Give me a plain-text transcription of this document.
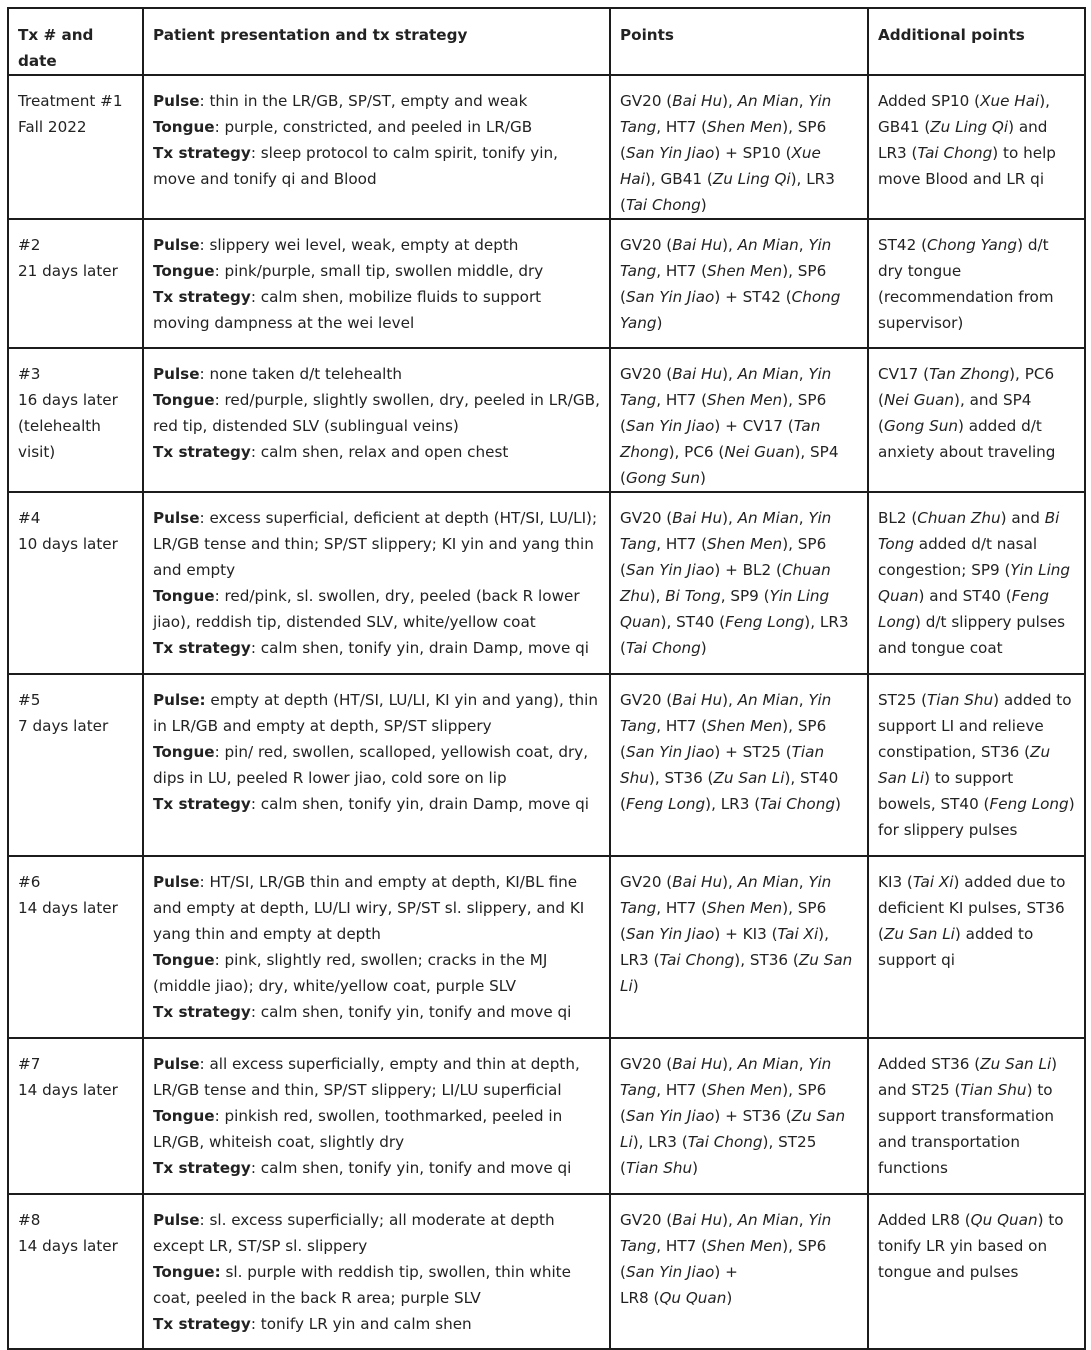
Tx # and date	Patient presentation and tx strategy	Points	Additional points

Treatment #1
Fall 2022	Pulse: thin in the LR/GB, SP/ST, empty and weak
Tongue: purple, constricted, and peeled in LR/GB
Tx strategy: sleep protocol to calm spirit, tonify yin, move and tonify qi and Blood	GV20 (Bai Hu), An Mian, Yin Tang, HT7 (Shen Men), SP6 (San Yin Jiao) + SP10 (Xue Hai), GB41 (Zu Ling Qi), LR3 (Tai Chong)	Added SP10 (Xue Hai), GB41 (Zu Ling Qi) and LR3 (Tai Chong) to help move Blood and LR qi

#2
21 days later	Pulse: slippery wei level, weak, empty at depth
Tongue: pink/purple, small tip, swollen middle, dry
Tx strategy: calm shen, mobilize fluids to support moving dampness at the wei level	GV20 (Bai Hu), An Mian, Yin Tang, HT7 (Shen Men), SP6 (San Yin Jiao) + ST42 (Chong Yang)	ST42 (Chong Yang) d/t dry tongue (recommendation from supervisor)

#3
16 days later
(telehealth visit)	Pulse: none taken d/t telehealth
Tongue: red/purple, slightly swollen, dry, peeled in LR/GB, red tip, distended SLV (sublingual veins)
Tx strategy: calm shen, relax and open chest	GV20 (Bai Hu), An Mian, Yin Tang, HT7 (Shen Men), SP6 (San Yin Jiao) + CV17 (Tan Zhong), PC6 (Nei Guan), SP4 (Gong Sun)	CV17 (Tan Zhong), PC6 (Nei Guan), and SP4 (Gong Sun) added d/t anxiety about traveling

#4
10 days later	Pulse: excess superficial, deficient at depth (HT/SI, LU/LI); LR/GB tense and thin; SP/ST slippery; KI yin and yang thin and empty
Tongue: red/pink, sl. swollen, dry, peeled (back R lower jiao), reddish tip, distended SLV, white/yellow coat
Tx strategy: calm shen, tonify yin, drain Damp, move qi	GV20 (Bai Hu), An Mian, Yin Tang, HT7 (Shen Men), SP6 (San Yin Jiao) + BL2 (Chuan Zhu), Bi Tong, SP9 (Yin Ling Quan), ST40 (Feng Long), LR3 (Tai Chong)	BL2 (Chuan Zhu) and Bi Tong added d/t nasal congestion; SP9 (Yin Ling Quan) and ST40 (Feng Long) d/t slippery pulses and tongue coat

#5
7 days later	Pulse: empty at depth (HT/SI, LU/LI, KI yin and yang), thin in LR/GB and empty at depth, SP/ST slippery
Tongue: pin/ red, swollen, scalloped, yellowish coat, dry, dips in LU, peeled R lower jiao, cold sore on lip
Tx strategy: calm shen, tonify yin, drain Damp, move qi	GV20 (Bai Hu), An Mian, Yin Tang, HT7 (Shen Men), SP6 (San Yin Jiao) + ST25 (Tian Shu), ST36 (Zu San Li), ST40 (Feng Long), LR3 (Tai Chong)	ST25 (Tian Shu) added to support LI and relieve constipation, ST36 (Zu San Li) to support bowels, ST40 (Feng Long) for slippery pulses

#6
14 days later	Pulse: HT/SI, LR/GB thin and empty at depth, KI/BL fine and empty at depth, LU/LI wiry, SP/ST sl. slippery, and KI yang thin and empty at depth
Tongue: pink, slightly red, swollen; cracks in the MJ (middle jiao); dry, white/yellow coat, purple SLV
Tx strategy: calm shen, tonify yin, tonify and move qi	GV20 (Bai Hu), An Mian, Yin Tang, HT7 (Shen Men), SP6 (San Yin Jiao) + KI3 (Tai Xi), LR3 (Tai Chong), ST36 (Zu San Li)	KI3 (Tai Xi) added due to deficient KI pulses, ST36 (Zu San Li) added to support qi

#7
14 days later	Pulse: all excess superficially, empty and thin at depth, LR/GB tense and thin, SP/ST slippery; LI/LU superficial
Tongue: pinkish red, swollen, toothmarked, peeled in LR/GB, whiteish coat, slightly dry
Tx strategy: calm shen, tonify yin, tonify and move qi	GV20 (Bai Hu), An Mian, Yin Tang, HT7 (Shen Men), SP6 (San Yin Jiao) + ST36 (Zu San Li), LR3 (Tai Chong), ST25 (Tian Shu)	Added ST36 (Zu San Li) and ST25 (Tian Shu) to support transformation and transportation functions

#8
14 days later	Pulse: sl. excess superficially; all moderate at depth except LR, ST/SP sl. slippery
Tongue: sl. purple with reddish tip, swollen, thin white coat, peeled in the back R area; purple SLV
Tx strategy: tonify LR yin and calm shen	GV20 (Bai Hu), An Mian, Yin Tang, HT7 (Shen Men), SP6 (San Yin Jiao) +
LR8 (Qu Quan)	Added LR8 (Qu Quan) to tonify LR yin based on tongue and pulses
